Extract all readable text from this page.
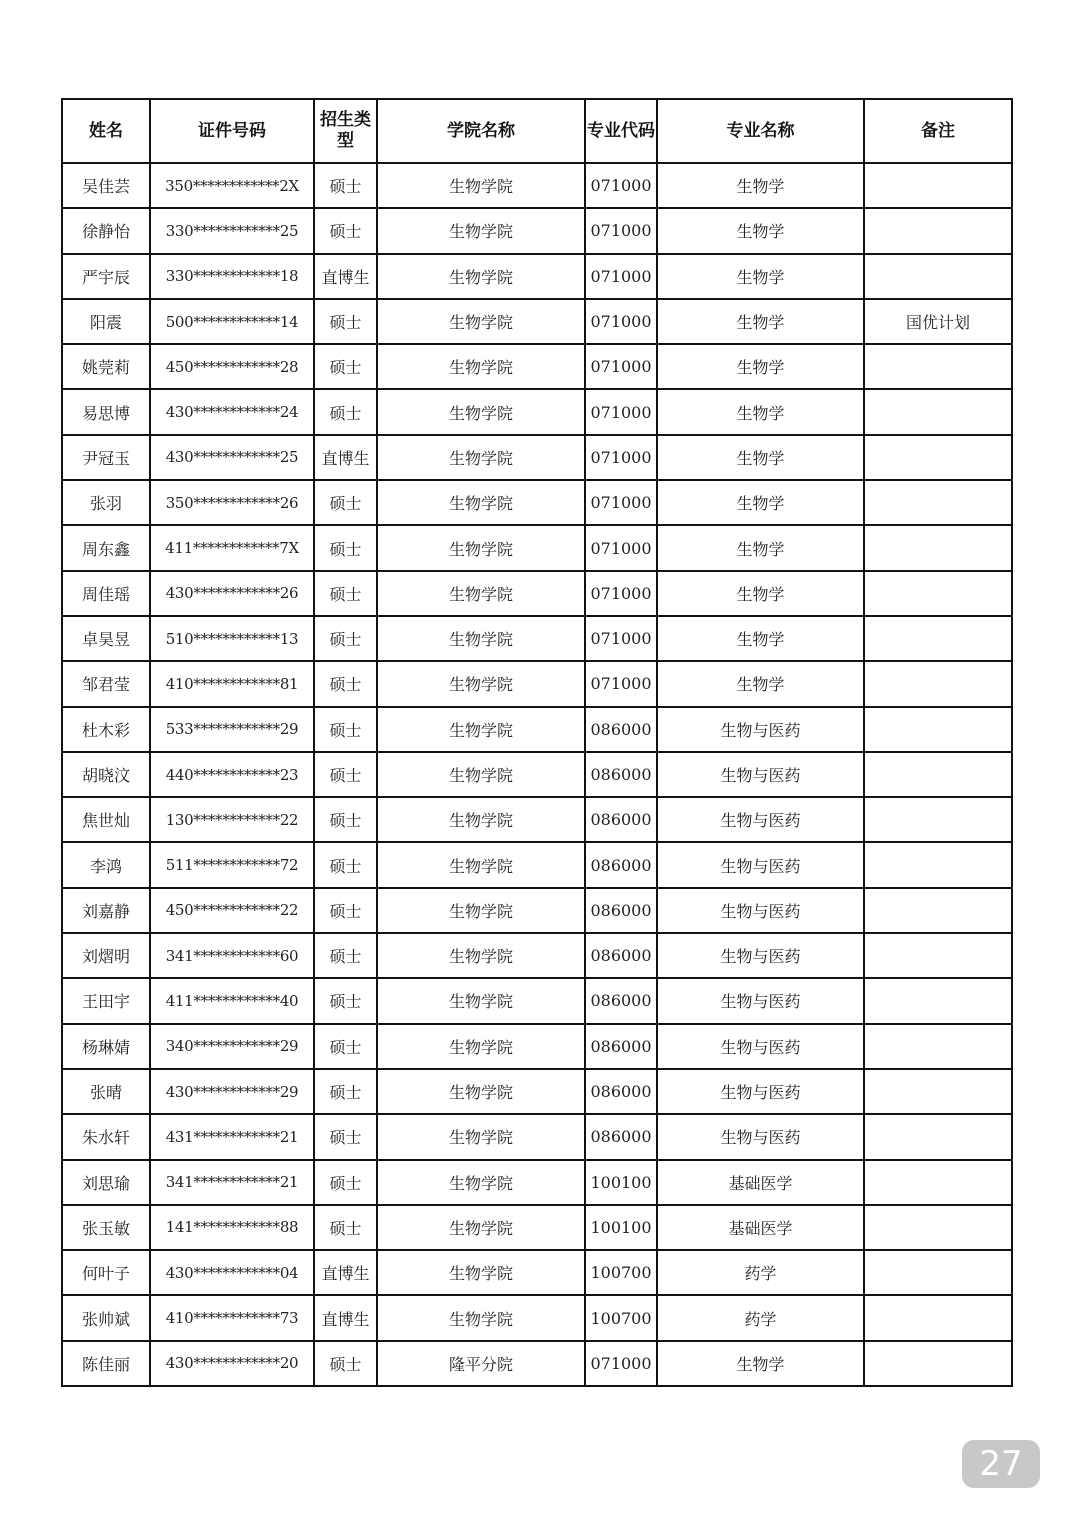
姓名	证件号码	招生类型	学院名称	专业代码	专业名称	备注
吴佳芸	350************2X	硕士	生物学院	071000	生物学	
徐静怡	330************25	硕士	生物学院	071000	生物学	
严宇辰	330************18	直博生	生物学院	071000	生物学	
阳震	500************14	硕士	生物学院	071000	生物学	国优计划
姚莞莉	450************28	硕士	生物学院	071000	生物学	
易思博	430************24	硕士	生物学院	071000	生物学	
尹冠玉	430************25	直博生	生物学院	071000	生物学	
张羽	350************26	硕士	生物学院	071000	生物学	
周东鑫	411************7X	硕士	生物学院	071000	生物学	
周佳瑶	430************26	硕士	生物学院	071000	生物学	
卓昊昱	510************13	硕士	生物学院	071000	生物学	
邹君莹	410************81	硕士	生物学院	071000	生物学	
杜木彩	533************29	硕士	生物学院	086000	生物与医药	
胡晓汶	440************23	硕士	生物学院	086000	生物与医药	
焦世灿	130************22	硕士	生物学院	086000	生物与医药	
李鸿	511************72	硕士	生物学院	086000	生物与医药	
刘嘉静	450************22	硕士	生物学院	086000	生物与医药	
刘熠明	341************60	硕士	生物学院	086000	生物与医药	
王田宇	411************40	硕士	生物学院	086000	生物与医药	
杨琳婧	340************29	硕士	生物学院	086000	生物与医药	
张晴	430************29	硕士	生物学院	086000	生物与医药	
朱水轩	431************21	硕士	生物学院	086000	生物与医药	
刘思瑜	341************21	硕士	生物学院	100100	基础医学	
张玉敏	141************88	硕士	生物学院	100100	基础医学	
何叶子	430************04	直博生	生物学院	100700	药学	
张帅斌	410************73	直博生	生物学院	100700	药学	
陈佳丽	430************20	硕士	隆平分院	071000	生物学	
27
